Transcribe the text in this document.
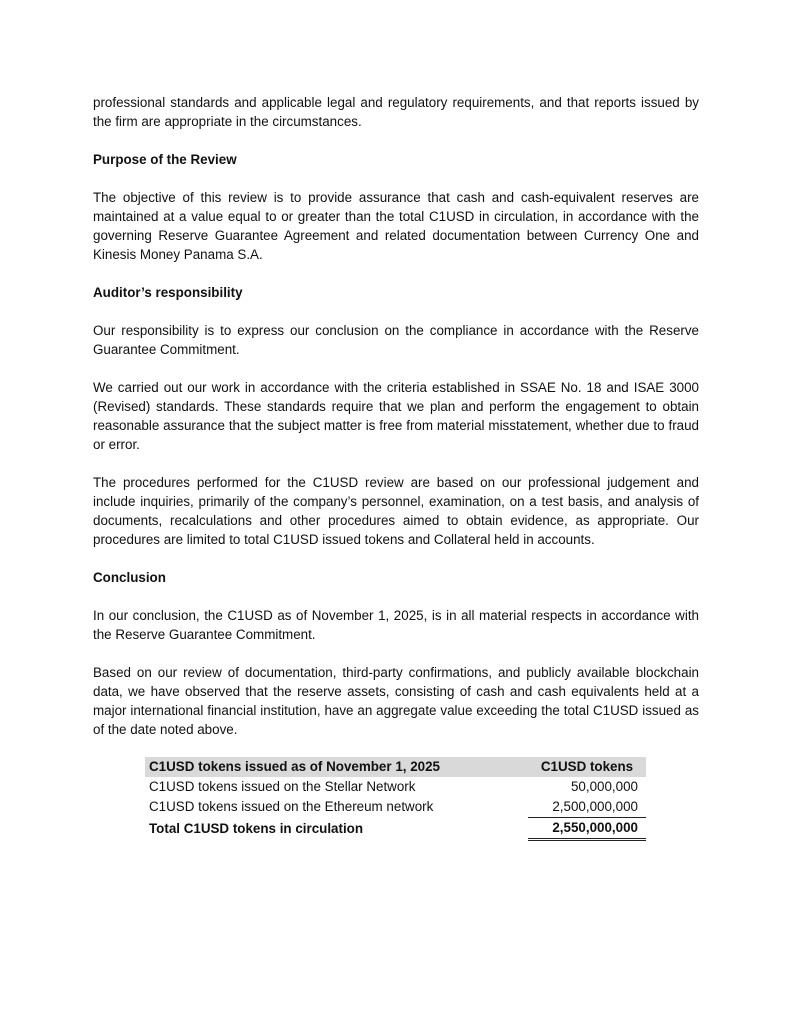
professional standards and applicable legal and regulatory requirements, and that reports issued by the firm are appropriate in the circumstances.

Purpose of the Review

The objective of this review is to provide assurance that cash and cash-equivalent reserves are maintained at a value equal to or greater than the total C1USD in circulation, in accordance with the governing Reserve Guarantee Agreement and related documentation between Currency One and Kinesis Money Panama S.A.

Auditor’s responsibility

Our responsibility is to express our conclusion on the compliance in accordance with the Reserve Guarantee Commitment.

We carried out our work in accordance with the criteria established in SSAE No. 18 and ISAE 3000 (Revised) standards. These standards require that we plan and perform the engagement to obtain reasonable assurance that the subject matter is free from material misstatement, whether due to fraud or error.

The procedures performed for the C1USD review are based on our professional judgement and include inquiries, primarily of the company’s personnel, examination, on a test basis, and analysis of documents, recalculations and other procedures aimed to obtain evidence, as appropriate. Our procedures are limited to total C1USD issued tokens and Collateral held in accounts.

Conclusion

In our conclusion, the C1USD as of November 1, 2025, is in all material respects in accordance with the Reserve Guarantee Commitment.

Based on our review of documentation, third-party confirmations, and publicly available blockchain data, we have observed that the reserve assets, consisting of cash and cash equivalents held at a major international financial institution, have an aggregate value exceeding the total C1USD issued as of the date noted above.

C1USD tokens issued as of November 1, 2025	C1USD tokens
C1USD tokens issued on the Stellar Network	50,000,000
C1USD tokens issued on the Ethereum network	2,500,000,000
Total C1USD tokens in circulation	2,550,000,000
